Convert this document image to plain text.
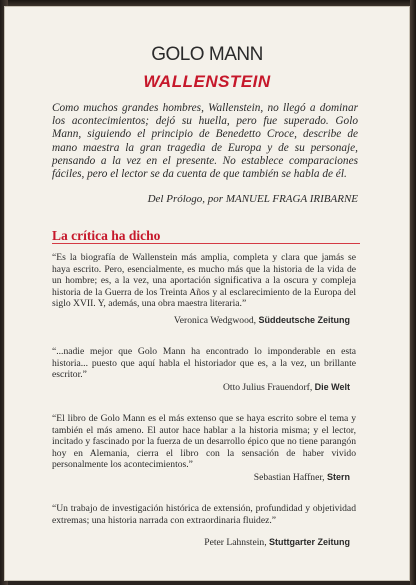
GOLO MANN
WALLENSTEIN

Como muchos grandes hombres, Wallenstein, no llegó a dominar los acontecimientos; dejó su huella, pero fue superado. Golo Mann, siguiendo el principio de Benedetto Croce, describe de mano maestra la gran tragedia de Europa y de su personaje, pensando a la vez en el presente. No establece comparaciones fáciles, pero el lector se da cuenta de que también se habla de él.

Del Prólogo, por MANUEL FRAGA IRIBARNE
La crítica ha dicho

“Es la biografía de Wallenstein más amplia, completa y clara que jamás se haya escrito. Pero, esencialmente, es mucho más que la historia de la vida de un hombre; es, a la vez, una aportación significativa a la oscura y compleja historia de la Guerra de los Treinta Años y al esclarecimiento de la Europa del siglo XVII. Y, además, una obra maestra literaria.”

Veronica Wedgwood, Süddeutsche Zeitung

“...nadie mejor que Golo Mann ha encontrado lo imponderable en esta historia... puesto que aquí habla el historiador que es, a la vez, un brillante escritor.”

Otto Julius Frauendorf, Die Welt

“El libro de Golo Mann es el más extenso que se haya escrito sobre el tema y también el más ameno. El autor hace hablar a la historia misma; y el lector, incitado y fascinado por la fuerza de un desarrollo épico que no tiene parangón hoy en Alemania, cierra el libro con la sensación de haber vivido personalmente los acontecimientos.”

Sebastian Haffner, Stern

“Un trabajo de investigación histórica de extensión, profundidad y objetividad extremas; una historia narrada con extraordinaria fluidez.”

Peter Lahnstein, Stuttgarter Zeitung
